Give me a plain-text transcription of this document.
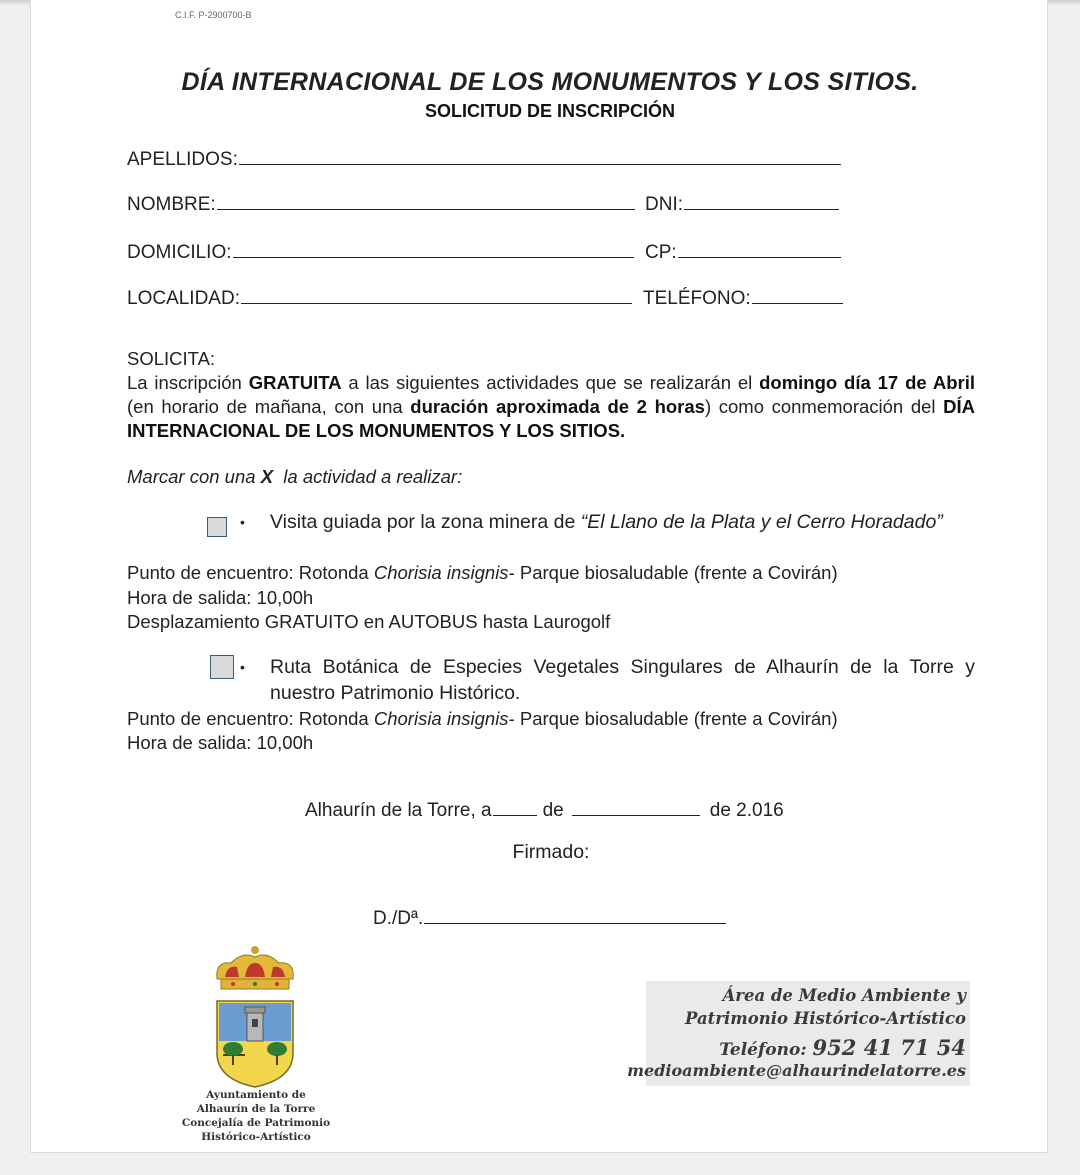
C.I.F. P-2900700-B
DÍA INTERNACIONAL DE LOS MONUMENTOS Y LOS SITIOS.
SOLICITUD DE INSCRIPCIÓN
APELLIDOS:
NOMBRE:	DNI:
DOMICILIO:	CP:
LOCALIDAD:	TELÉFONO:
SOLICITA:
La inscripción GRATUITA a las siguientes actividades que se realizarán el domingo día 17 de Abril (en horario de mañana, con una duración aproximada de 2 horas) como conmemoración del DÍA INTERNACIONAL DE LOS MONUMENTOS Y LOS SITIOS.
Marcar con una X  la actividad a realizar:
• Visita guiada por la zona minera de “El Llano de la Plata y el Cerro Horadado”
Punto de encuentro: Rotonda Chorisia insignis- Parque biosaludable (frente a Covirán)
Hora de salida: 10,00h
Desplazamiento GRATUITO en AUTOBUS hasta Laurogolf
• Ruta Botánica de Especies Vegetales Singulares de Alhaurín de la Torre y nuestro Patrimonio Histórico.
Punto de encuentro: Rotonda Chorisia insignis- Parque biosaludable (frente a Covirán)
Hora de salida: 10,00h
Alhaurín de la Torre, a	de	de 2.016
Firmado:
D./Dª.
Ayuntamiento de
Alhaurín de la Torre
Concejalía de Patrimonio
Histórico-Artístico
Área de Medio Ambiente y
Patrimonio Histórico-Artístico
Teléfono: 952 41 71 54
medioambiente@alhaurindelatorre.es
